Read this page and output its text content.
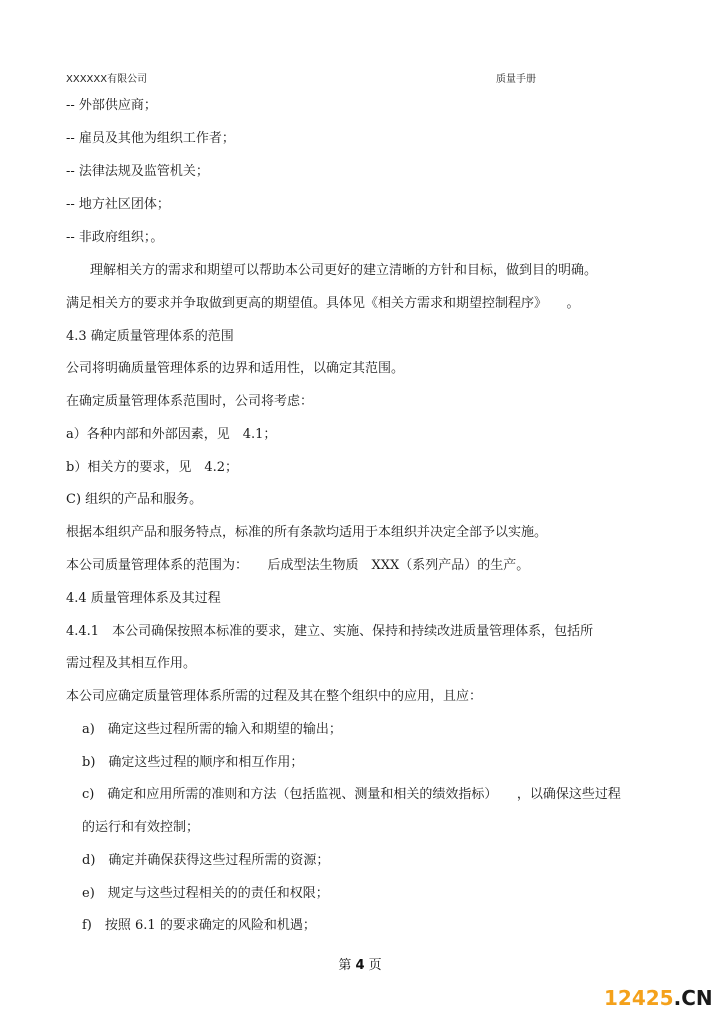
XXXXXX有限公司	质量手册
-- 外部供应商；
-- 雇员及其他为组织工作者；
-- 法律法规及监管机关；
-- 地方社区团体；
-- 非政府组织；。
理解相关方的需求和期望可以帮助本公司更好的建立清晰的方针和目标，做到目的明确。
满足相关方的要求并争取做到更高的期望值。具体见《相关方需求和期望控制程序》　　。
4.3 确定质量管理体系的范围
公司将明确质量管理体系的边界和适用性，以确定其范围。
在确定质量管理体系范围时，公司将考虑：
a）各种内部和外部因素，见　4.1；
b）相关方的要求，见　4.2；
C) 组织的产品和服务。
根据本组织产品和服务特点，标准的所有条款均适用于本组织并决定全部予以实施。
本公司质量管理体系的范围为：　　后成型法生物质　XXX（系列产品）的生产。
4.4 质量管理体系及其过程
4.4.1　本公司确保按照本标准的要求，建立、实施、保持和持续改进质量管理体系，包括所
需过程及其相互作用。
本公司应确定质量管理体系所需的过程及其在整个组织中的应用，且应：
a)　确定这些过程所需的输入和期望的输出；
b)　确定这些过程的顺序和相互作用；
c)　确定和应用所需的准则和方法（包括监视、测量和相关的绩效指标）　　，以确保这些过程
的运行和有效控制；
d)　确定并确保获得这些过程所需的资源；
e)　规定与这些过程相关的的责任和权限；
f)　按照 6.1 的要求确定的风险和机遇；
第 4 页
12425.CN
